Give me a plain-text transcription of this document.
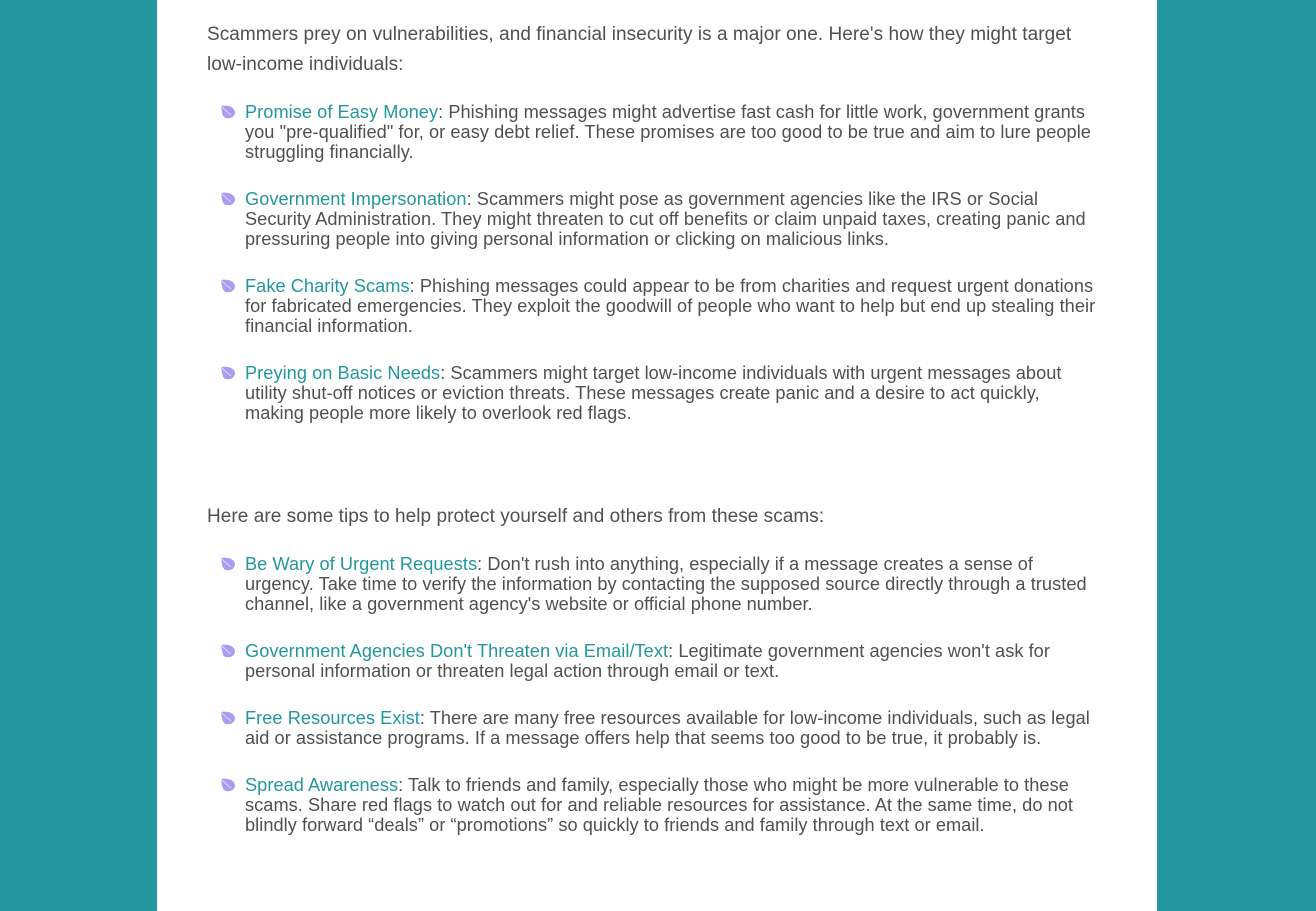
Scammers prey on vulnerabilities, and financial insecurity is a major one. Here's how they might target low-income individuals:

Promise of Easy Money: Phishing messages might advertise fast cash for little work, government grants you "pre-qualified" for, or easy debt relief. These promises are too good to be true and aim to lure people struggling financially.
Government Impersonation: Scammers might pose as government agencies like the IRS or Social Security Administration. They might threaten to cut off benefits or claim unpaid taxes, creating panic and pressuring people into giving personal information or clicking on malicious links.
Fake Charity Scams: Phishing messages could appear to be from charities and request urgent donations for fabricated emergencies. They exploit the goodwill of people who want to help but end up stealing their financial information.
Preying on Basic Needs: Scammers might target low-income individuals with urgent messages about utility shut-off notices or eviction threats. These messages create panic and a desire to act quickly, making people more likely to overlook red flags.

Here are some tips to help protect yourself and others from these scams:

Be Wary of Urgent Requests: Don't rush into anything, especially if a message creates a sense of urgency. Take time to verify the information by contacting the supposed source directly through a trusted channel, like a government agency's website or official phone number.
Government Agencies Don't Threaten via Email/Text: Legitimate government agencies won't ask for personal information or threaten legal action through email or text.
Free Resources Exist: There are many free resources available for low-income individuals, such as legal aid or assistance programs. If a message offers help that seems too good to be true, it probably is.
Spread Awareness: Talk to friends and family, especially those who might be more vulnerable to these scams. Share red flags to watch out for and reliable resources for assistance. At the same time, do not blindly forward “deals” or “promotions” so quickly to friends and family through text or email.
